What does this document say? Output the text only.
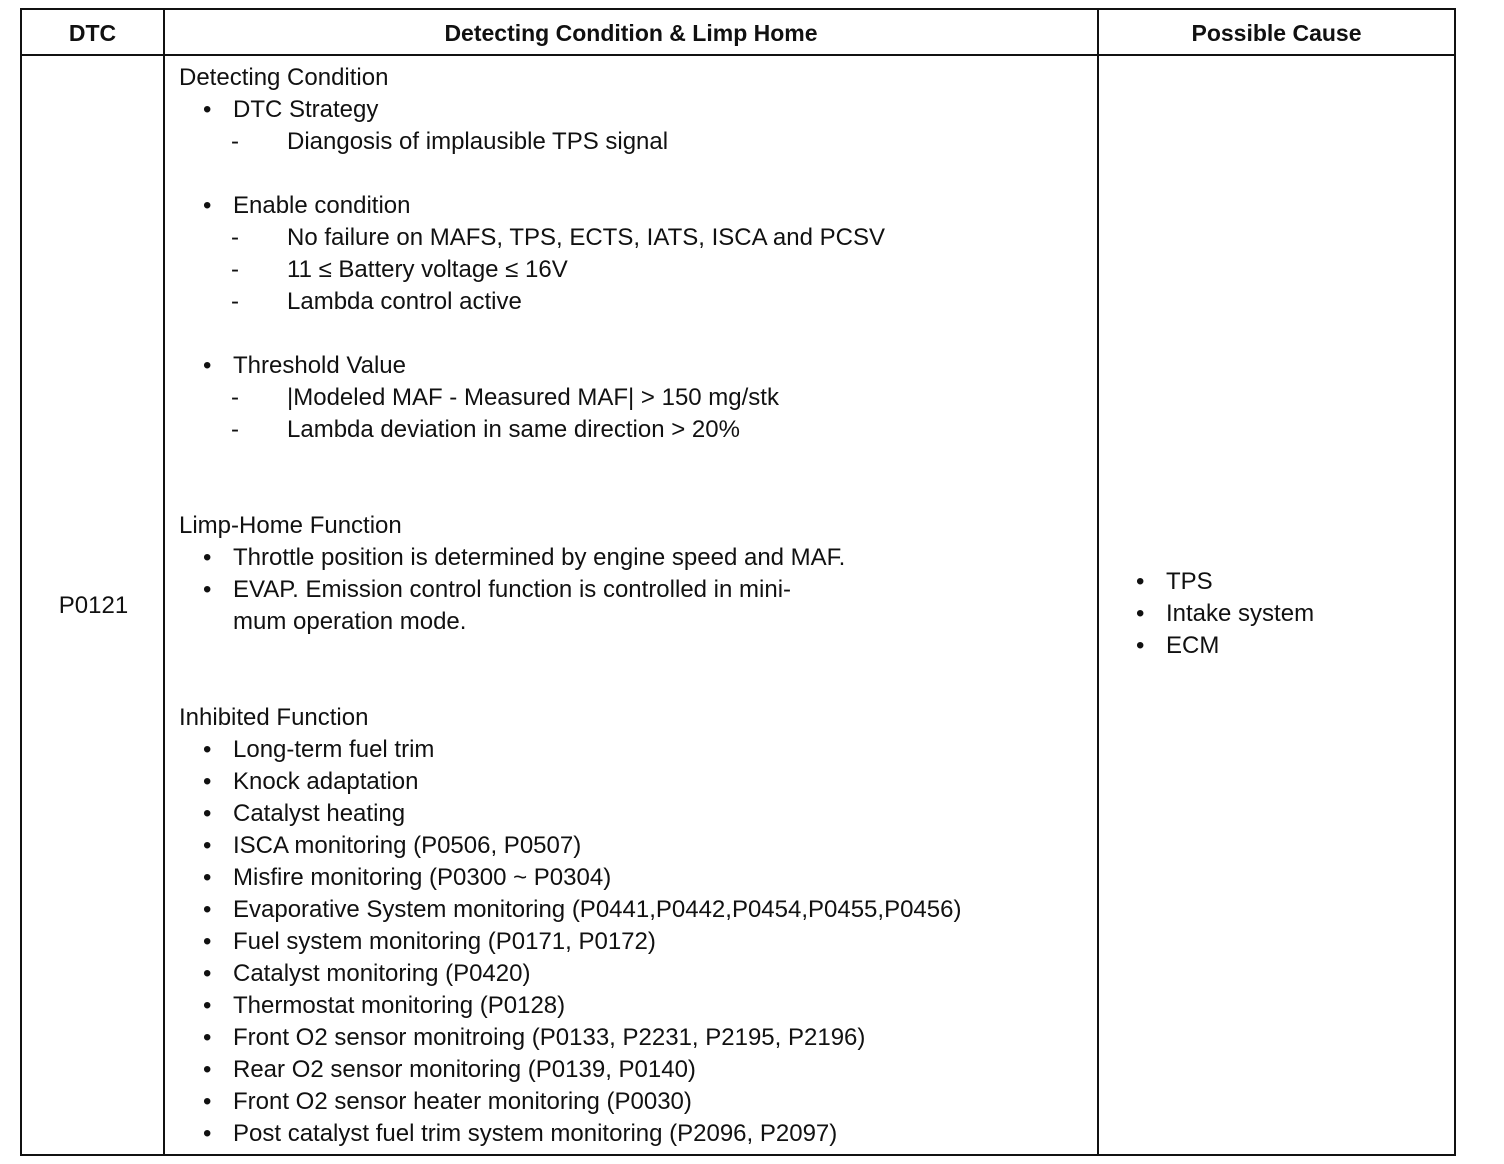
DTC	Detecting Condition & Limp Home	Possible Cause
P0121
Detecting Condition
• DTC Strategy
- Diangosis of implausible TPS signal
• Enable condition
- No failure on MAFS, TPS, ECTS, IATS, ISCA and PCSV
- 11 ≤ Battery voltage ≤ 16V
- Lambda control active
• Threshold Value
- |Modeled MAF - Measured MAF| > 150 mg/stk
- Lambda deviation in same direction > 20%
Limp-Home Function
• Throttle position is determined by engine speed and MAF.
• EVAP. Emission control function is controlled in mini-
mum operation mode.
Inhibited Function
• Long-term fuel trim
• Knock adaptation
• Catalyst heating
• ISCA monitoring (P0506, P0507)
• Misfire monitoring (P0300 ~ P0304)
• Evaporative System monitoring (P0441,P0442,P0454,P0455,P0456)
• Fuel system monitoring (P0171, P0172)
• Catalyst monitoring (P0420)
• Thermostat monitoring (P0128)
• Front O2 sensor monitroing (P0133, P2231, P2195, P2196)
• Rear O2 sensor monitoring (P0139, P0140)
• Front O2 sensor heater monitoring (P0030)
• Post catalyst fuel trim system monitoring (P2096, P2097)
• TPS
• Intake system
• ECM
